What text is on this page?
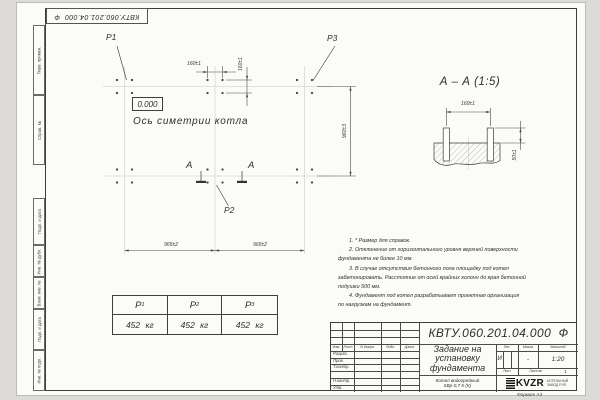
КВТУ.060.201.04.000  Ф
Перв. примен.
Справ. №
Подп. и дата
Инв. № дубл.
Взам. инв. №
Подп. и дата
Инв. № подл.
P1	P3
P2
0.000
Ось симетрии котла
160±1	160±1
960±3
965±2	965±2
А	А
А – А (1:5)
160±1
50±1
1. * Размер для справок.
2. Отклонение от горизонтального уровня верхней поверхности
фундамента не более 10 мм.
3. В случае отсутствия бетонного пола площадку под котел
забетонировать. Расстояние от осей крайних колонн до края бетонной
подушки 500 мм.
4. Фундамент под котел разрабатывает проектная организация
по нагрузкам на фундамент.
P 1	P 2	P 3
452 кг	452 кг	452 кг
Изм. Лист	N докум.	Подп.	Дата
Разраб.
Пров.
Т.контр.
Н.контр.
Утв.
КВТУ.060.201.04.000  Ф
Задание на
установку
фундамента
Котел водогрейный
КВр-0,7 К (К)
Лит.	Масса	Масштаб
И	-	1:20
Лист	Листов	1
KVZR КОТЕЛЬНЫЙ
ЗАВОД РЭП
Формат А3
